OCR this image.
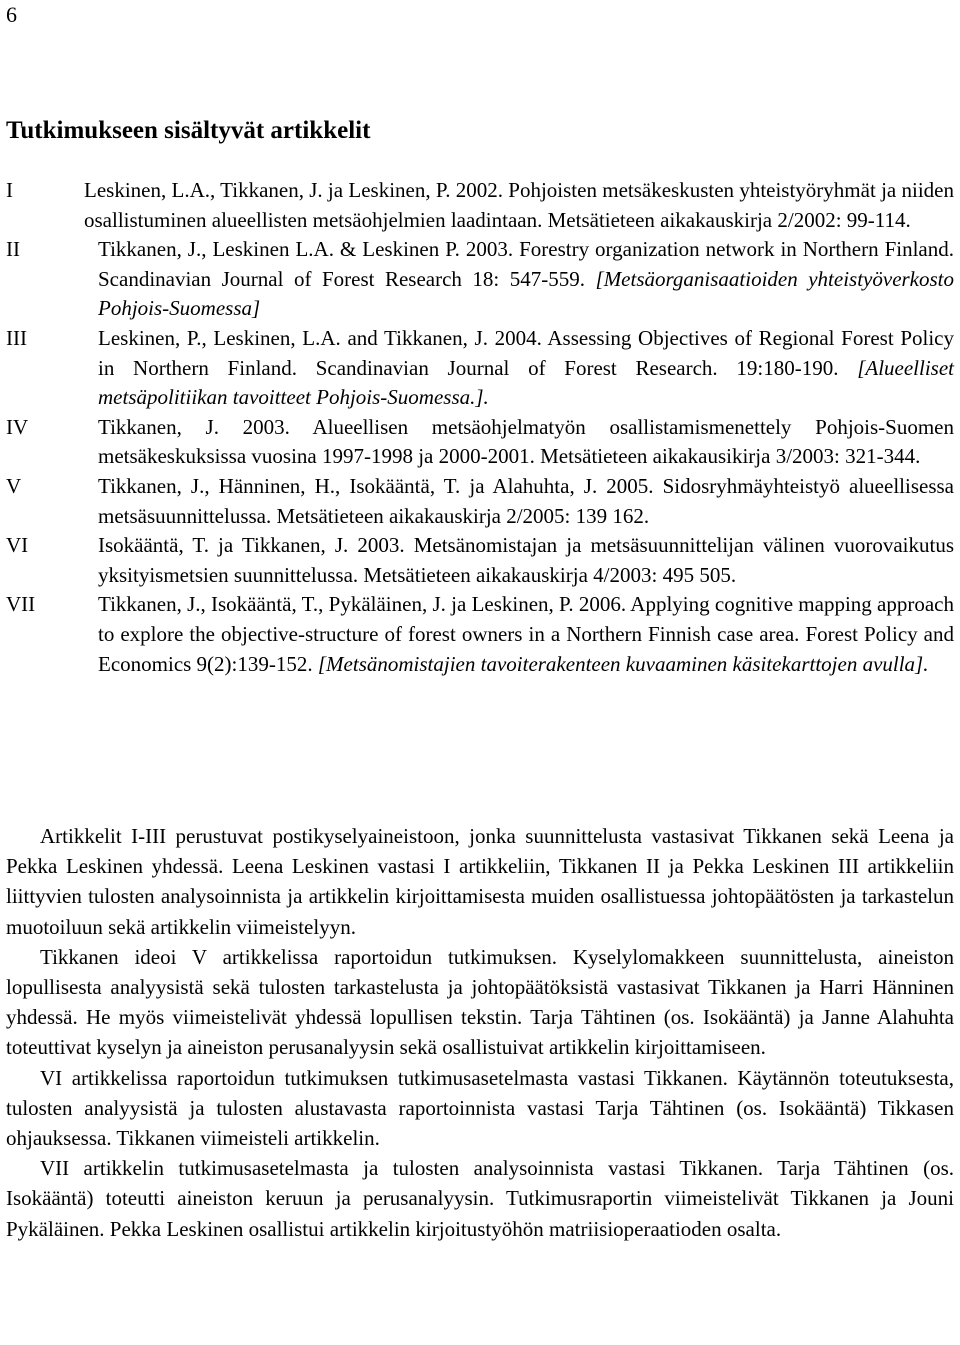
6
Tutkimukseen sisältyvät artikkelit
I	Leskinen, L.A., Tikkanen, J. ja Leskinen, P. 2002. Pohjoisten metsäkeskusten yhteistyöryhmät ja niiden osallistuminen alueellisten metsäohjelmien laadintaan. Metsätieteen aikakauskirja 2/2002: 99-114.
II	Tikkanen, J., Leskinen L.A. & Leskinen P. 2003. Forestry organization network in Northern Finland. Scandinavian Journal of Forest Research 18: 547-559. [Metsäorganisaatioiden yhteistyöverkosto Pohjois-Suomessa]
III	Leskinen, P., Leskinen, L.A. and Tikkanen, J. 2004. Assessing Objectives of Regional Forest Policy in Northern Finland. Scandinavian Journal of Forest Research. 19:180-190. [Alueelliset metsäpolitiikan tavoitteet Pohjois-Suomessa.].
IV	Tikkanen, J. 2003. Alueellisen metsäohjelmatyön osallistamismenettely Pohjois-Suomen metsäkeskuksissa vuosina 1997-1998 ja 2000-2001. Metsätieteen aikakausikirja 3/2003: 321-344.
V	Tikkanen, J., Hänninen, H., Isokääntä, T. ja Alahuhta, J. 2005. Sidosryhmäyhteistyö alueellisessa metsäsuunnittelussa. Metsätieteen aikakauskirja 2/2005: 139 162.
VI	Isokääntä, T. ja Tikkanen, J. 2003. Metsänomistajan ja metsäsuunnittelijan välinen vuorovaikutus yksityismetsien suunnittelussa. Metsätieteen aikakauskirja 4/2003: 495 505.
VII	Tikkanen, J., Isokääntä, T., Pykäläinen, J. ja Leskinen, P. 2006. Applying cognitive mapping approach to explore the objective-structure of forest owners in a Northern Finnish case area. Forest Policy and Economics 9(2):139-152. [Metsänomistajien tavoiterakenteen kuvaaminen käsitekarttojen avulla].

Artikkelit I-III perustuvat postikyselyaineistoon, jonka suunnittelusta vastasivat Tikkanen sekä Leena ja Pekka Leskinen yhdessä. Leena Leskinen vastasi I artikkeliin, Tikkanen II ja Pekka Leskinen III artikkeliin liittyvien tulosten analysoinnista ja artikkelin kirjoittamisesta muiden osallistuessa johtopäätösten ja tarkastelun muotoiluun sekä artikkelin viimeistelyyn.

Tikkanen ideoi V artikkelissa raportoidun tutkimuksen. Kyselylomakkeen suunnittelusta, aineiston lopullisesta analyysistä sekä tulosten tarkastelusta ja johtopäätöksistä vastasivat Tikkanen ja Harri Hänninen yhdessä. He myös viimeistelivät yhdessä lopullisen tekstin. Tarja Tähtinen (os. Isokääntä) ja Janne Alahuhta toteuttivat kyselyn ja aineiston perusanalyysin sekä osallistuivat artikkelin kirjoittamiseen.

VI artikkelissa raportoidun tutkimuksen tutkimusasetelmasta vastasi Tikkanen. Käytännön toteutuksesta, tulosten analyysistä ja tulosten alustavasta raportoinnista vastasi Tarja Tähtinen (os. Isokääntä) Tikkasen ohjauksessa. Tikkanen viimeisteli artikkelin.

VII artikkelin tutkimusasetelmasta ja tulosten analysoinnista vastasi Tikkanen. Tarja Tähtinen (os. Isokääntä) toteutti aineiston keruun ja perusanalyysin. Tutkimusraportin viimeistelivät Tikkanen ja Jouni Pykäläinen. Pekka Leskinen osallistui artikkelin kirjoitustyöhön matriisioperaatioden osalta.
